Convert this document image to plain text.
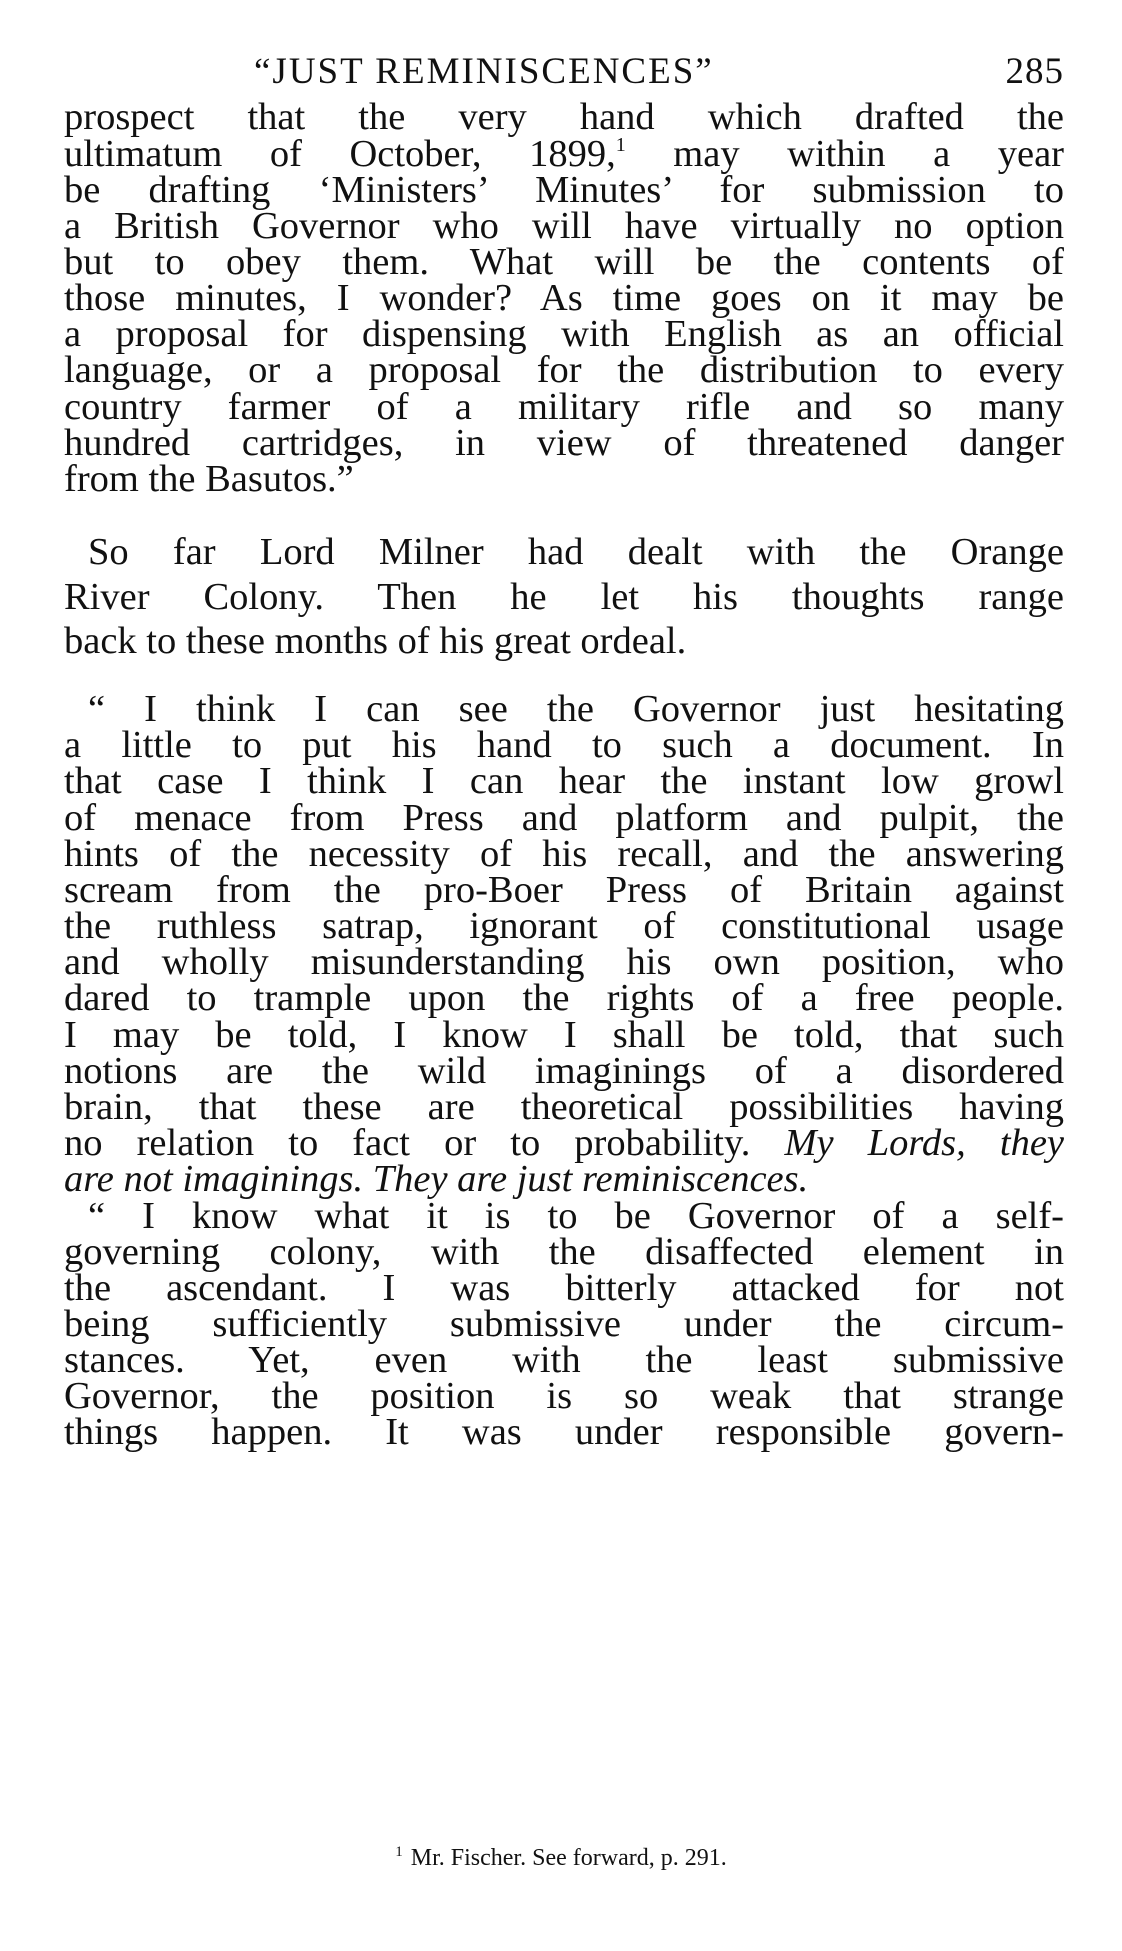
“JUST REMINISCENCES”	285
prospect that the very hand which drafted the
ultimatum of October, 1899,$^1$ may within a year
be drafting ‘Ministers’ Minutes’ for submission to
a British Governor who will have virtually no option
but to obey them. What will be the contents of
those minutes, I wonder? As time goes on it may be
a proposal for dispensing with English as an official
language, or a proposal for the distribution to every
country farmer of a military rifle and so many
hundred cartridges, in view of threatened danger
from the Basutos.”
So far Lord Milner had dealt with the Orange
River Colony. Then he let his thoughts range
back to these months of his great ordeal.
“ I think I can see the Governor just hesitating
a little to put his hand to such a document. In
that case I think I can hear the instant low growl
of menace from Press and platform and pulpit, the
hints of the necessity of his recall, and the answering
scream from the pro-Boer Press of Britain against
the ruthless satrap, ignorant of constitutional usage
and wholly misunderstanding his own position, who
dared to trample upon the rights of a free people.
I may be told, I know I shall be told, that such
notions are the wild imaginings of a disordered
brain, that these are theoretical possibilities having
no relation to fact or to probability. My Lords, they
are not imaginings. They are just reminiscences.
“ I know what it is to be Governor of a self-
governing colony, with the disaffected element in
the ascendant. I was bitterly attacked for not
being sufficiently submissive under the circum-
stances. Yet, even with the least submissive
Governor, the position is so weak that strange
things happen. It was under responsible govern-
$^1$ Mr. Fischer. See forward, p. 291.
